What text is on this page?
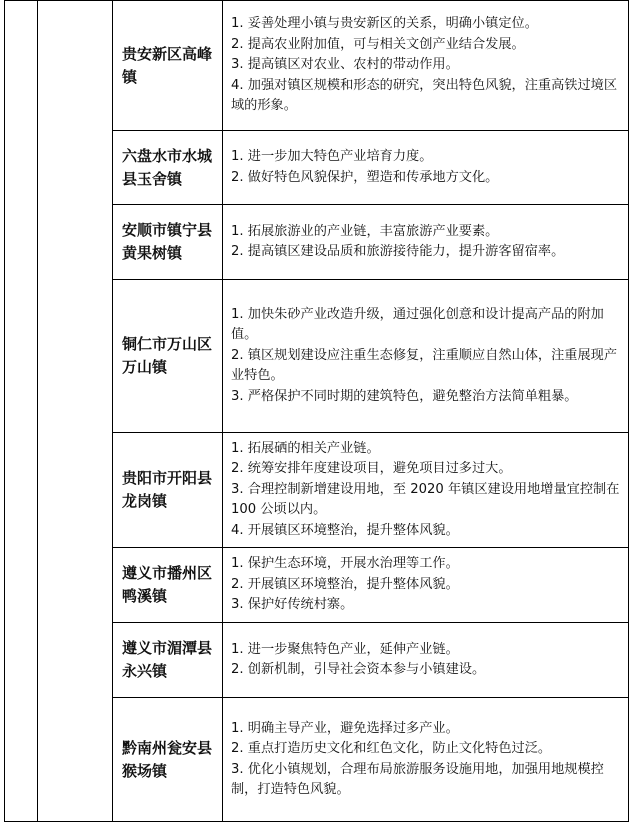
		贵安新区高峰镇	1. 妥善处理小镇与贵安新区的关系，明确小镇定位。
2. 提高农业附加值，可与相关文创产业结合发展。
3. 提高镇区对农业、农村的带动作用。
4. 加强对镇区规模和形态的研究，突出特色风貌，注重高铁过境区域的形象。

		六盘水市水城县玉舍镇	1. 进一步加大特色产业培育力度。
2. 做好特色风貌保护，塑造和传承地方文化。

		安顺市镇宁县黄果树镇	1. 拓展旅游业的产业链，丰富旅游产业要素。
2. 提高镇区建设品质和旅游接待能力，提升游客留宿率。

		铜仁市万山区万山镇	1. 加快朱砂产业改造升级，通过强化创意和设计提高产品的附加值。
2. 镇区规划建设应注重生态修复，注重顺应自然山体，注重展现产业特色。
3. 严格保护不同时期的建筑特色，避免整治方法简单粗暴。

		贵阳市开阳县龙岗镇	1. 拓展硒的相关产业链。
2. 统筹安排年度建设项目，避免项目过多过大。
3. 合理控制新增建设用地，至 2020 年镇区建设用地增量宜控制在 100 公顷以内。
4. 开展镇区环境整治，提升整体风貌。

		遵义市播州区鸭溪镇	1. 保护生态环境，开展水治理等工作。
2. 开展镇区环境整治，提升整体风貌。
3. 保护好传统村寨。

		遵义市湄潭县永兴镇	1. 进一步聚焦特色产业，延伸产业链。
2. 创新机制，引导社会资本参与小镇建设。

		黔南州瓮安县猴场镇	1. 明确主导产业，避免选择过多产业。
2. 重点打造历史文化和红色文化，防止文化特色过泛。
3. 优化小镇规划，合理布局旅游服务设施用地，加强用地规模控制，打造特色风貌。
